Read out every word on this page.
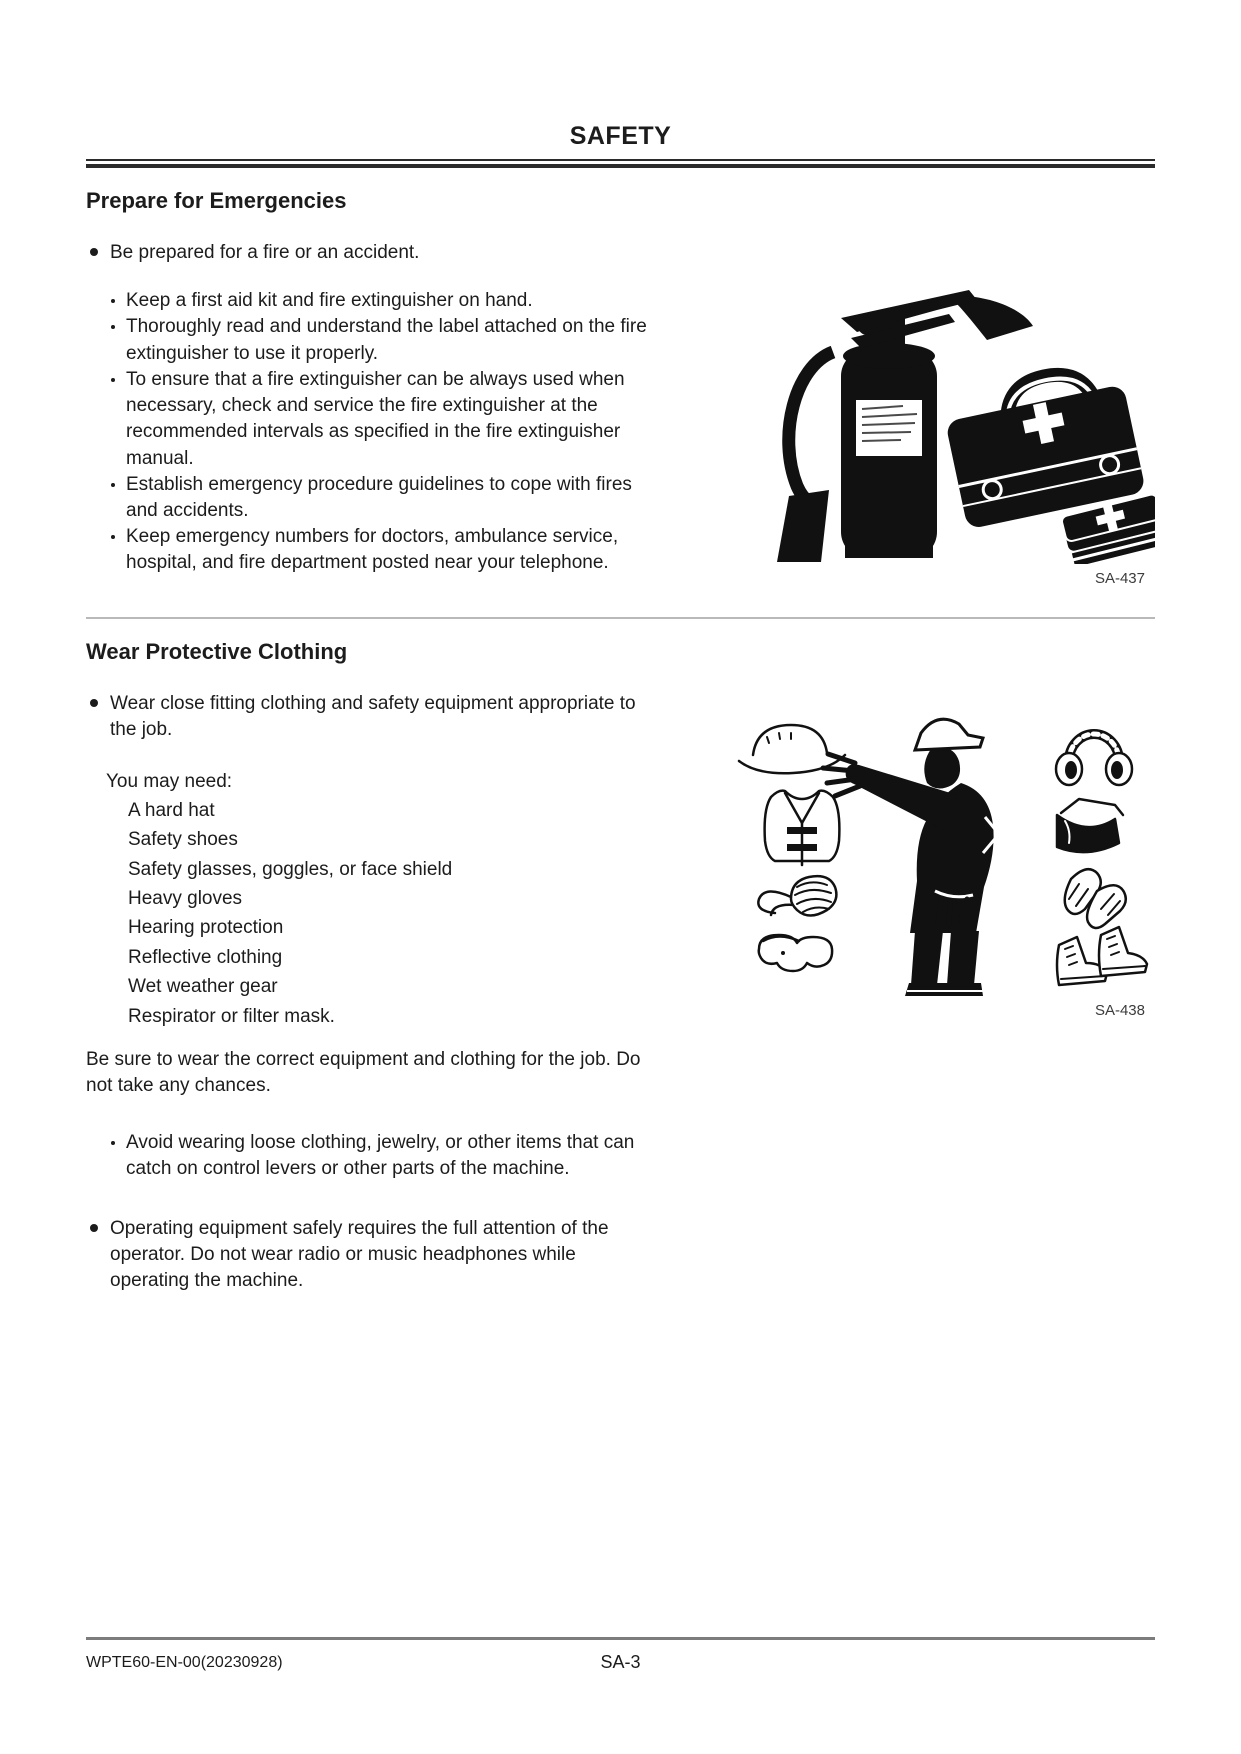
SAFETY
Prepare for Emergencies
Be prepared for a fire or an accident.
Keep a first aid kit and fire extinguisher on hand.
Thoroughly read and understand the label attached on the fire extinguisher to use it properly.
To ensure that a fire extinguisher can be always used when necessary, check and service the fire extinguisher at the recommended intervals as specified in the fire extinguisher manual.
Establish emergency procedure guidelines to cope with fires and accidents.
Keep emergency numbers for doctors, ambulance service, hospital, and fire department posted near your telephone.
SA-437
Wear Protective Clothing
Wear close fitting clothing and safety equipment appropriate to the job.
You may need:
A hard hat
Safety shoes
Safety glasses, goggles, or face shield
Heavy gloves
Hearing protection
Reflective clothing
Wet weather gear
Respirator or filter mask.
Be sure to wear the correct equipment and clothing for the job. Do not take any chances.
Avoid wearing loose clothing, jewelry, or other items that can catch on control levers or other parts of the machine.
Operating equipment safely requires the full attention of the operator. Do not wear radio or music headphones while operating the machine.
SA-438
WPTE60-EN-00(20230928)	SA-3
